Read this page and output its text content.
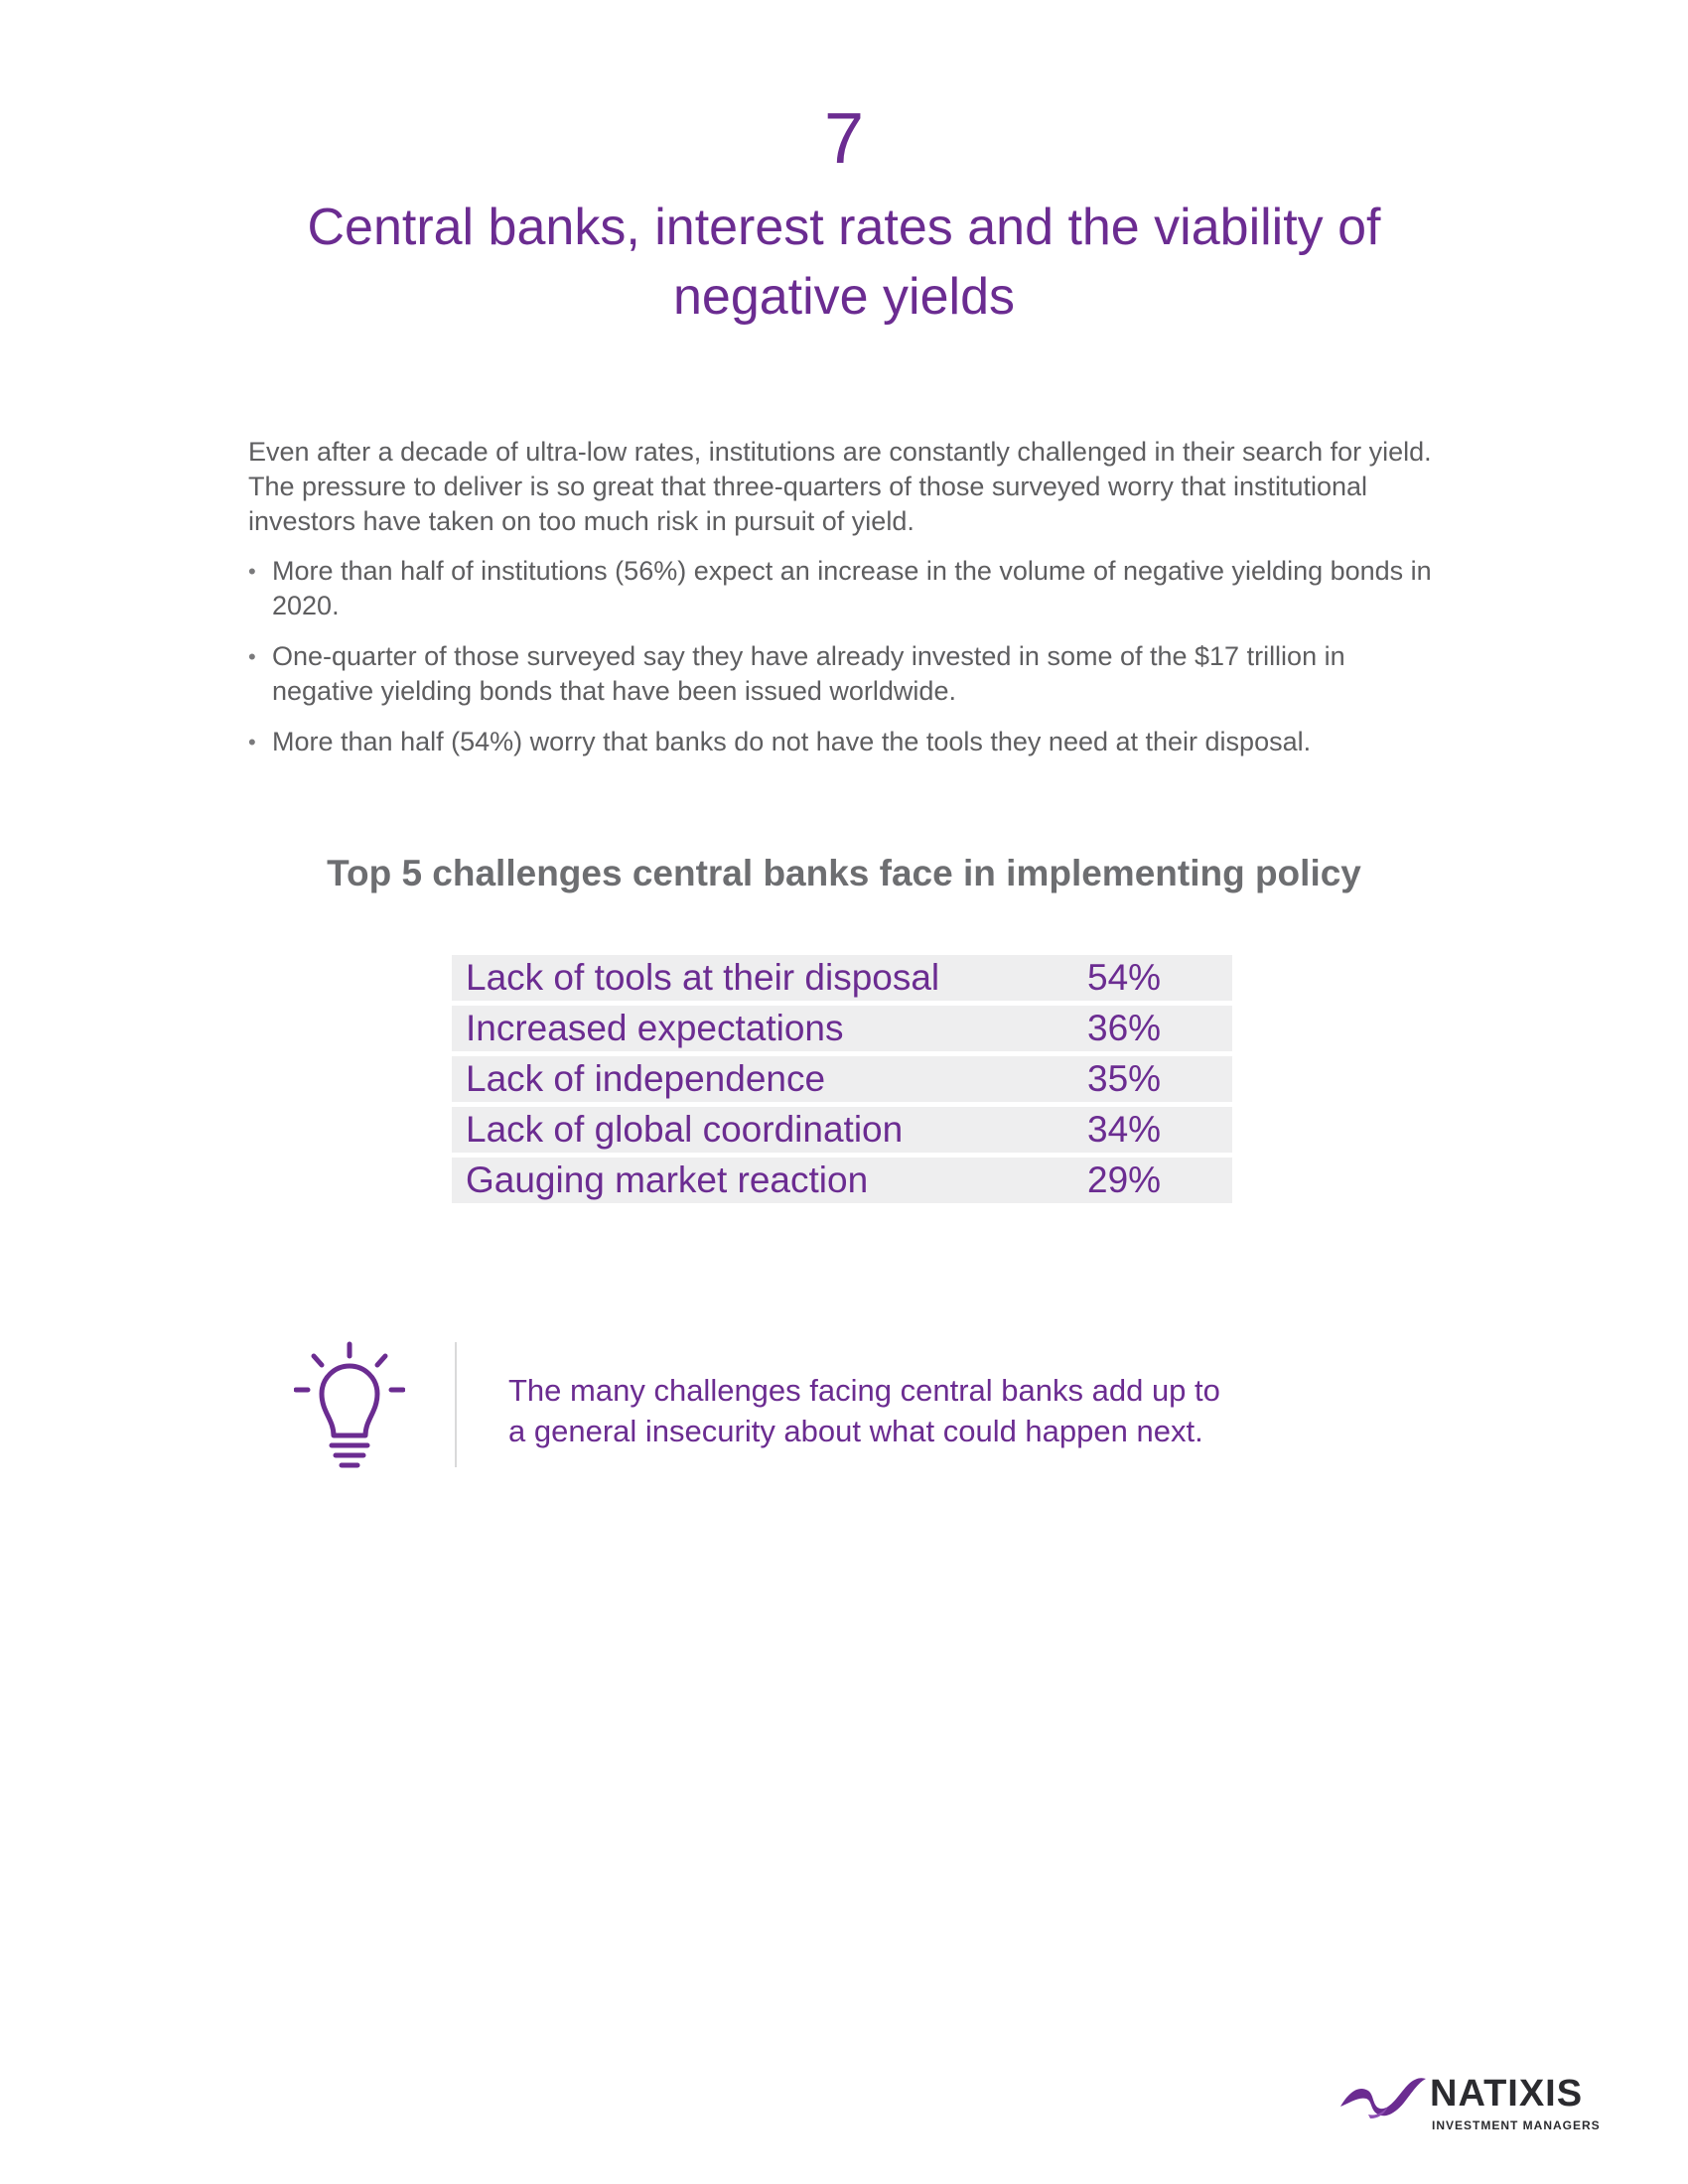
7
Central banks, interest rates and the viability of negative yields

Even after a decade of ultra-low rates, institutions are constantly challenged in their search for yield. The pressure to deliver is so great that three-quarters of those surveyed worry that institutional investors have taken on too much risk in pursuit of yield.

• More than half of institutions (56%) expect an increase in the volume of negative yielding bonds in 2020.
• One-quarter of those surveyed say they have already invested in some of the $17 trillion in negative yielding bonds that have been issued worldwide.
• More than half (54%) worry that banks do not have the tools they need at their disposal.
Top 5 challenges central banks face in implementing policy
Lack of tools at their disposal	54%
Increased expectations	36%
Lack of independence	35%
Lack of global coordination	34%
Gauging market reaction	29%
The many challenges facing central banks add up to
a general insecurity about what could happen next.
NATIXIS
INVESTMENT MANAGERS
